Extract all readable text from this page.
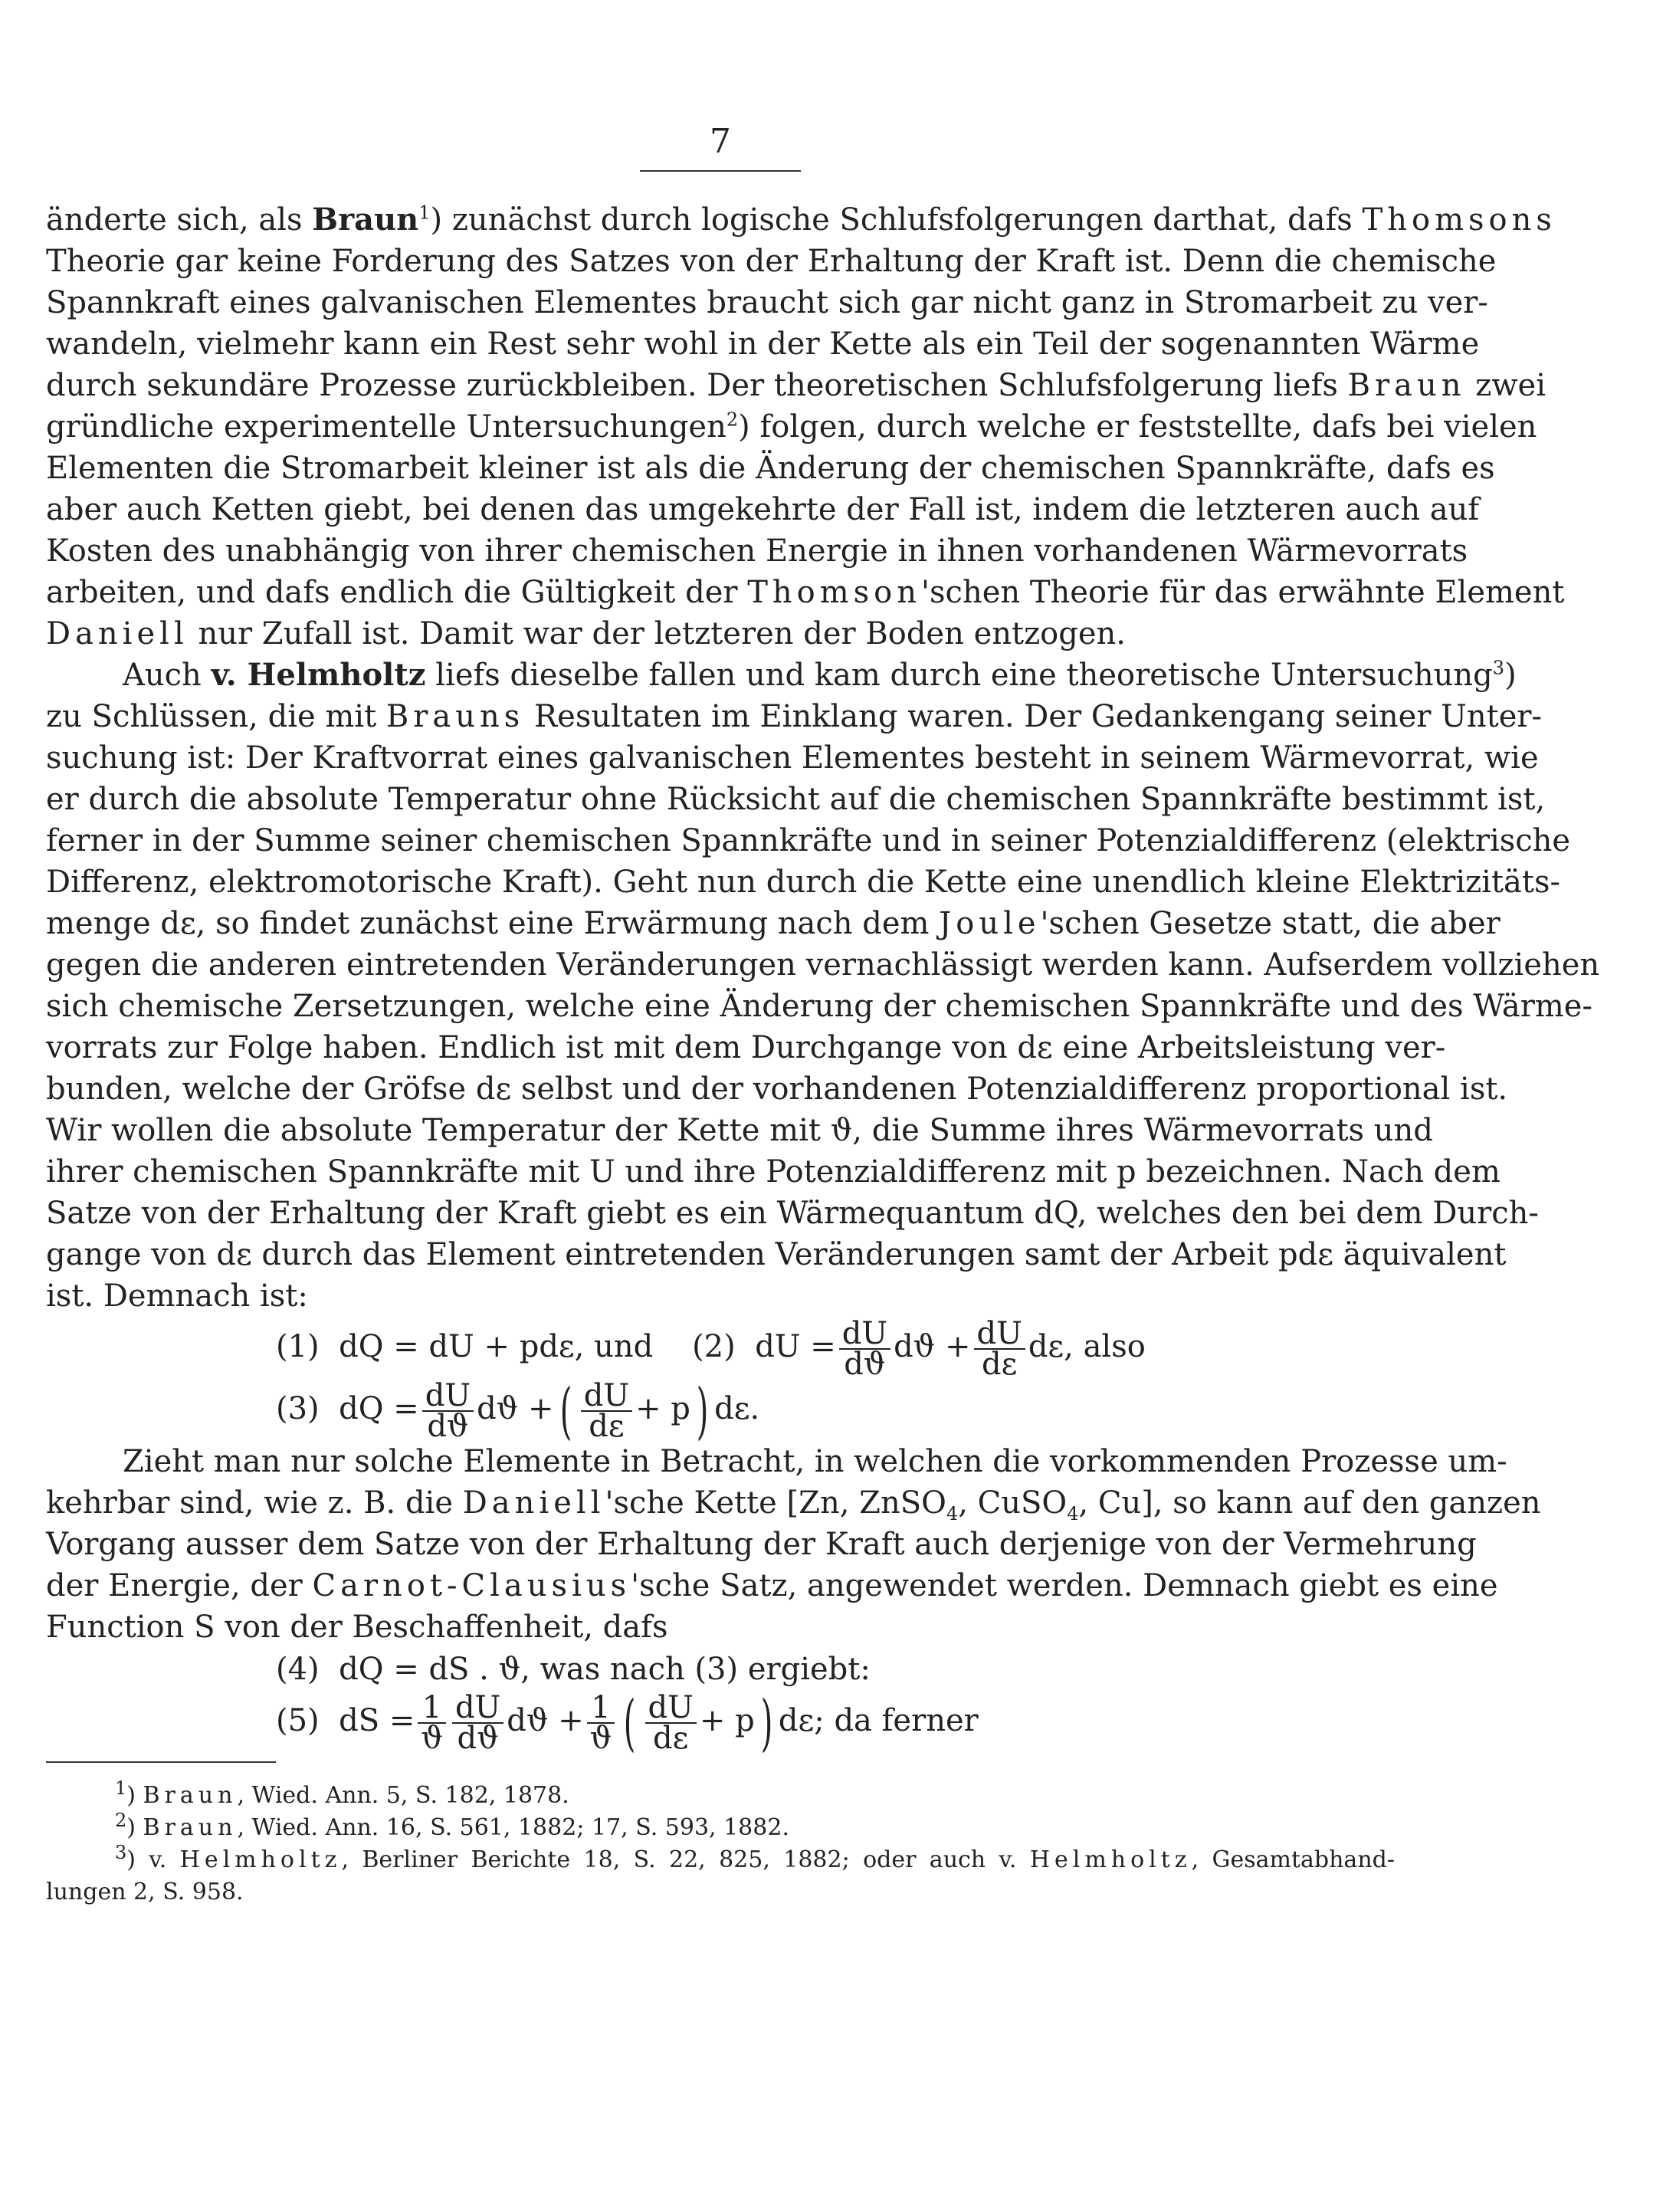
7
änderte sich, als Braun$^1$) zunächst durch logische Schlufsfolgerungen darthat, dafs Thomsons
Theorie gar keine Forderung des Satzes von der Erhaltung der Kraft ist. Denn die chemische
Spannkraft eines galvanischen Elementes braucht sich gar nicht ganz in Stromarbeit zu ver-
wandeln, vielmehr kann ein Rest sehr wohl in der Kette als ein Teil der sogenannten Wärme
durch sekundäre Prozesse zurückbleiben. Der theoretischen Schlufsfolgerung liefs Braun zwei
gründliche experimentelle Untersuchungen$^2$) folgen, durch welche er feststellte, dafs bei vielen
Elementen die Stromarbeit kleiner ist als die Änderung der chemischen Spannkräfte, dafs es
aber auch Ketten giebt, bei denen das umgekehrte der Fall ist, indem die letzteren auch auf
Kosten des unabhängig von ihrer chemischen Energie in ihnen vorhandenen Wärmevorrats
arbeiten, und dafs endlich die Gültigkeit der Thomson'schen Theorie für das erwähnte Element
Daniell nur Zufall ist. Damit war der letzteren der Boden entzogen.
Auch v. Helmholtz liefs dieselbe fallen und kam durch eine theoretische Untersuchung$^3$)
zu Schlüssen, die mit Brauns Resultaten im Einklang waren. Der Gedankengang seiner Unter-
suchung ist: Der Kraftvorrat eines galvanischen Elementes besteht in seinem Wärmevorrat, wie
er durch die absolute Temperatur ohne Rücksicht auf die chemischen Spannkräfte bestimmt ist,
ferner in der Summe seiner chemischen Spannkräfte und in seiner Potenzialdifferenz (elektrische
Differenz, elektromotorische Kraft). Geht nun durch die Kette eine unendlich kleine Elektrizitäts-
menge dε, so findet zunächst eine Erwärmung nach dem Joule'schen Gesetze statt, die aber
gegen die anderen eintretenden Veränderungen vernachlässigt werden kann. Aufserdem vollziehen
sich chemische Zersetzungen, welche eine Änderung der chemischen Spannkräfte und des Wärme-
vorrats zur Folge haben. Endlich ist mit dem Durchgange von dε eine Arbeitsleistung ver-
bunden, welche der Gröfse dε selbst und der vorhandenen Potenzialdifferenz proportional ist.
Wir wollen die absolute Temperatur der Kette mit ϑ, die Summe ihres Wärmevorrats und
ihrer chemischen Spannkräfte mit U und ihre Potenzialdifferenz mit p bezeichnen. Nach dem
Satze von der Erhaltung der Kraft giebt es ein Wärmequantum dQ, welches den bei dem Durch-
gange von dε durch das Element eintretenden Veränderungen samt der Arbeit pdε äquivalent
ist. Demnach ist:
(1) dQ = dU + pdε, und (2) dU = $\frac{dU}{dϑ}$ $dϑ + \frac{dU}{d\varepsilon} d\varepsilon$, also
(3) dQ = $\frac{dU}{dϑ}$ dϑ +( $\frac{dU}{d\varepsilon} + p$) dε.
Zieht man nur solche Elemente in Betracht, in welchen die vorkommenden Prozesse um-
kehrbar sind, wie z. B. die Daniell'sche Kette [Zn, ZnSO$_4$, CuSO$_4$, Cu], so kann auf den ganzen
Vorgang ausser dem Satze von der Erhaltung der Kraft auch derjenige von der Vermehrung
der Energie, der Carnot-Clausius'sche Satz, angewendet werden. Demnach giebt es eine
Function S von der Beschaffenheit, dafs
(4) dQ = dS . ϑ, was nach (3) ergiebt:
(5) dS = $\frac{1}{ϑ} \frac{dU}{dϑ}$ $dϑ + \frac{1}{ϑ}$ ( $\frac{dU}{d\varepsilon} + p$) dε; da ferner
$^1$) Braun, Wied. Ann. 5, S. 182, 1878.
$^2$) Braun, Wied. Ann. 16, S. 561, 1882; 17, S. 593, 1882.
$^3$) v. Helmholtz, Berliner Berichte 18, S. 22, 825, 1882; oder auch v. Helmholtz, Gesamtabhand-
lungen 2, S. 958.
